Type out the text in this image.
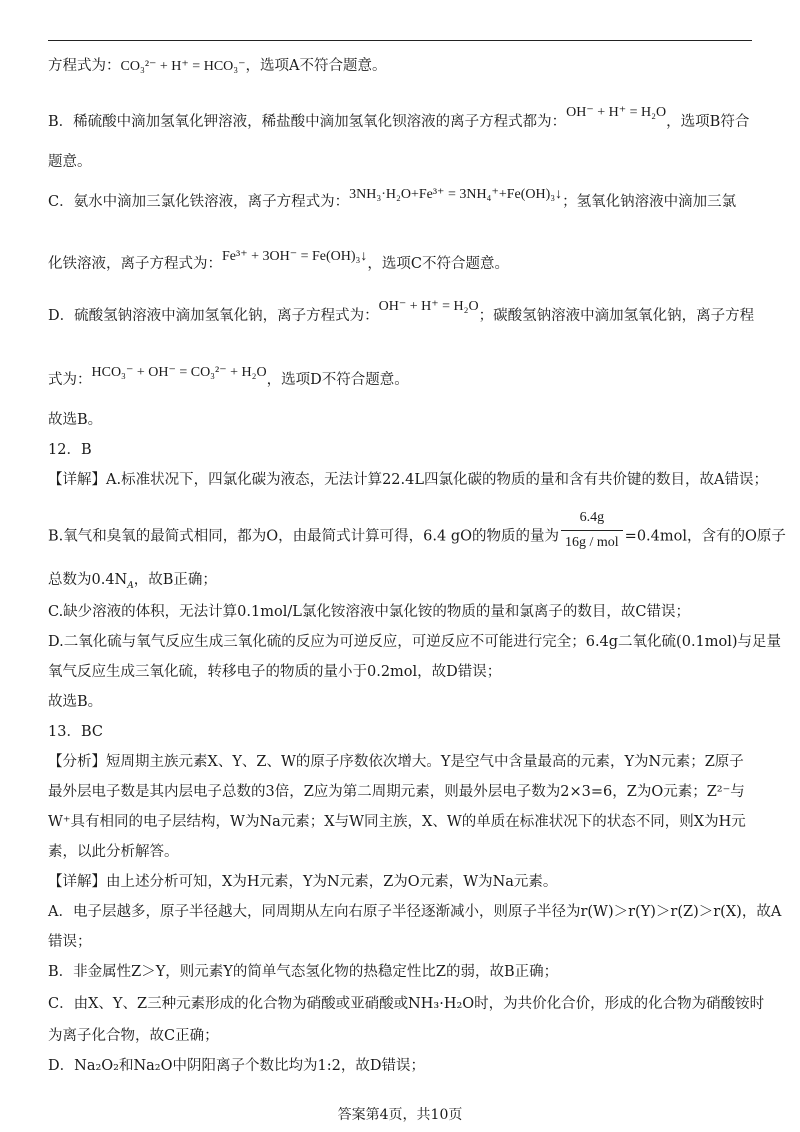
方程式为：CO₃²⁻ + H⁺ = HCO₃⁻，选项A不符合题意。
B．稀硫酸中滴加氢氧化钾溶液，稀盐酸中滴加氢氧化钡溶液的离子方程式都为：OH⁻ + H⁺ = H₂O，选项B符合
题意。
C．氨水中滴加三氯化铁溶液，离子方程式为：3NH₃·H₂O+Fe³⁺ = 3NH₄⁺+Fe(OH)₃↓；氢氧化钠溶液中滴加三氯
化铁溶液，离子方程式为：Fe³⁺ + 3OH⁻ = Fe(OH)₃↓，选项C不符合题意。
D．硫酸氢钠溶液中滴加氢氧化钠，离子方程式为：OH⁻ + H⁺ = H₂O；碳酸氢钠溶液中滴加氢氧化钠，离子方程
式为：HCO₃⁻ + OH⁻ = CO₃²⁻ + H₂O，选项D不符合题意。
故选B。
12．B
【详解】A.标准状况下，四氯化碳为液态，无法计算22.4L四氯化碳的物质的量和含有共价键的数目，故A错误；
B.氧气和臭氧的最简式相同，都为O，由最简式计算可得，6.4 gO的物质的量为 $\frac{6.4g}{\text{16g / mol}} =0.4mol$，含有的O原子
总数为$0.4N_A$，故B正确；
C.缺少溶液的体积，无法计算0.1mol/L氯化铵溶液中氯化铵的物质的量和氯离子的数目，故C错误；
D.二氧化硫与氧气反应生成三氧化硫的反应为可逆反应，可逆反应不可能进行完全；6.4g二氧化硫(0.1mol)与足量
氧气反应生成三氧化硫，转移电子的物质的量小于0.2mol，故D错误；
故选B。
13．BC
【分析】短周期主族元素X、Y、Z、W的原子序数依次增大。Y是空气中含量最高的元素，Y为N元素；Z原子
最外层电子数是其内层电子总数的3倍，Z应为第二周期元素，则最外层电子数为2×3=6，Z为O元素；Z²⁻与
W⁺具有相同的电子层结构，W为Na元素；X与W同主族，X、W的单质在标准状况下的状态不同，则X为H元
素，以此分析解答。
【详解】由上述分析可知，X为H元素，Y为N元素，Z为O元素，W为Na元素。
A．电子层越多，原子半径越大，同周期从左向右原子半径逐渐减小，则原子半径为r(W)＞r(Y)＞r(Z)＞r(X)，故A
错误；
B．非金属性Z＞Y，则元素Y的简单气态氢化物的热稳定性比Z的弱，故B正确；
C．由X、Y、Z三种元素形成的化合物为硝酸或亚硝酸或NH₃·H₂O时，为共价化合价，形成的化合物为硝酸铵时
为离子化合物，故C正确；
D．Na₂O₂和Na₂O中阴阳离子个数比均为1:2，故D错误；
答案第4页，共10页
